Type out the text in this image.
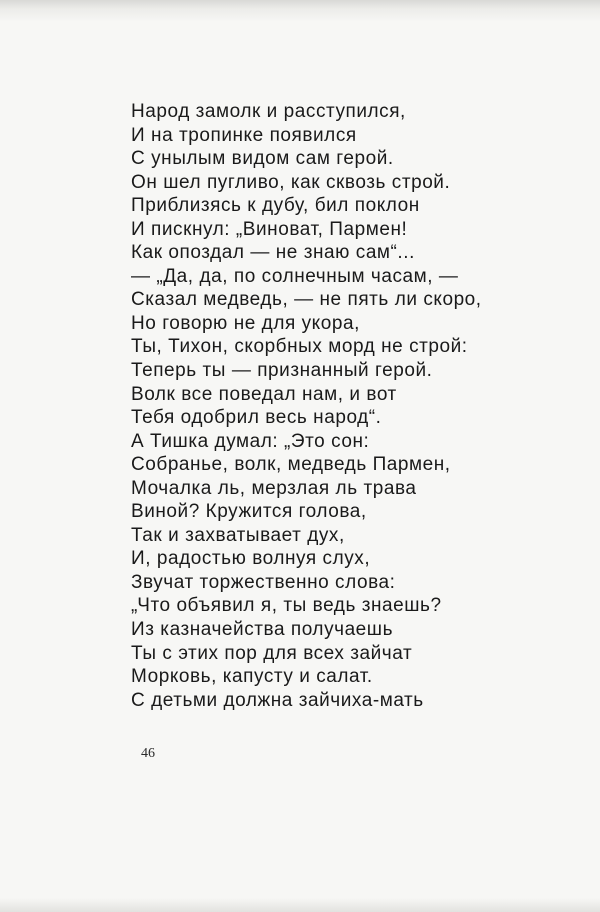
Народ замолк и расступился,
И на тропинке появился
С унылым видом сам герой.
Он шел пугливо, как сквозь строй.
Приблизясь к дубу, бил поклон
И пискнул: „Виноват, Пармен!
Как опоздал — не знаю сам“...
— „Да, да, по солнечным часам, —
Сказал медведь, — не пять ли скоро,
Но говорю не для укора,
Ты, Тихон, скорбных морд не строй:
Теперь ты — признанный герой.
Волк все поведал нам, и вот
Тебя одобрил весь народ“.
А Тишка думал: „Это сон:
Собранье, волк, медведь Пармен,
Мочалка ль, мерзлая ль трава
Виной? Кружится голова,
Так и захватывает дух,
И, радостью волнуя слух,
Звучат торжественно слова:
„Что объявил я, ты ведь знаешь?
Из казначейства получаешь
Ты с этих пор для всех зайчат
Морковь, капусту и салат.
С детьми должна зайчиха-мать
46
